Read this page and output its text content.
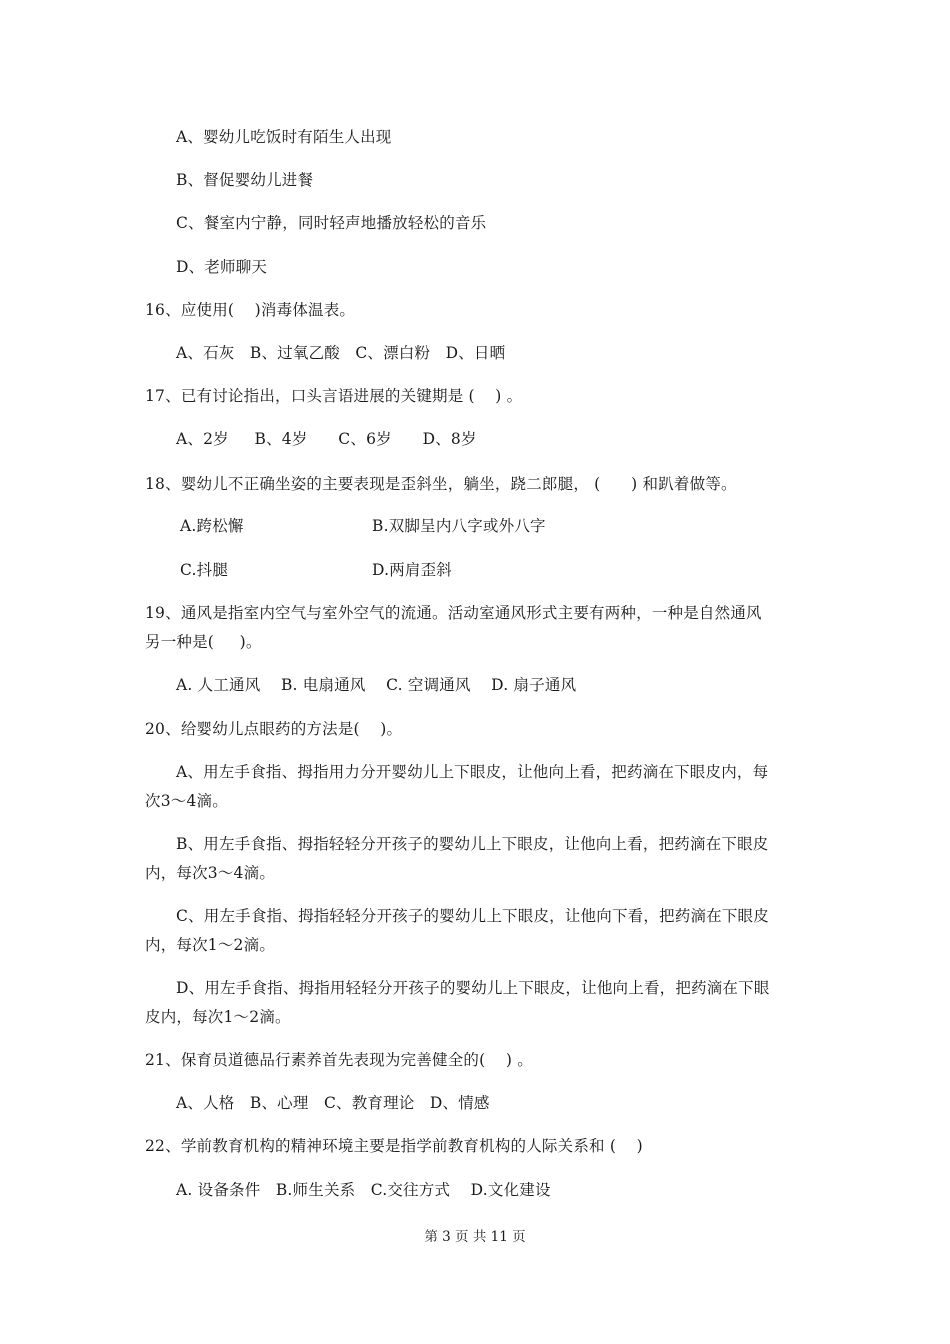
A、婴幼儿吃饭时有陌生人出现
B、督促婴幼儿进餐
C、餐室内宁静，同时轻声地播放轻松的音乐
D、老师聊天
16、应使用(    )消毒体温表。
A、石灰   B、过氧乙酸   C、漂白粉   D、日晒
17、已有讨论指出，口头言语进展的关键期是 (    ) 。
A、2岁     B、4岁      C、6岁      D、8岁
18、婴幼儿不正确坐姿的主要表现是歪斜坐，躺坐，跷二郎腿， (      ) 和趴着做等。
A.跨松懈	B.双脚呈内八字或外八字
C.抖腿	D.两肩歪斜
19、通风是指室内空气与室外空气的流通。活动室通风形式主要有两种，一种是自然通风
另一种是(     )。
A. 人工通风    B. 电扇通风    C. 空调通风    D. 扇子通风
20、给婴幼儿点眼药的方法是(    )。
A、用左手食指、拇指用力分开婴幼儿上下眼皮，让他向上看，把药滴在下眼皮内，每
次3～4滴。
B、用左手食指、拇指轻轻分开孩子的婴幼儿上下眼皮，让他向上看，把药滴在下眼皮
内，每次3～4滴。
C、用左手食指、拇指轻轻分开孩子的婴幼儿上下眼皮，让他向下看，把药滴在下眼皮
内，每次1～2滴。
D、用左手食指、拇指用轻轻分开孩子的婴幼儿上下眼皮，让他向上看，把药滴在下眼
皮内，每次1～2滴。
21、保育员道德品行素养首先表现为完善健全的(    ) 。
A、人格   B、心理   C、教育理论   D、情感
22、学前教育机构的精神环境主要是指学前教育机构的人际关系和 (    )
A. 设备条件   B.师生关系   C.交往方式    D.文化建设
第 3 页 共 11 页
